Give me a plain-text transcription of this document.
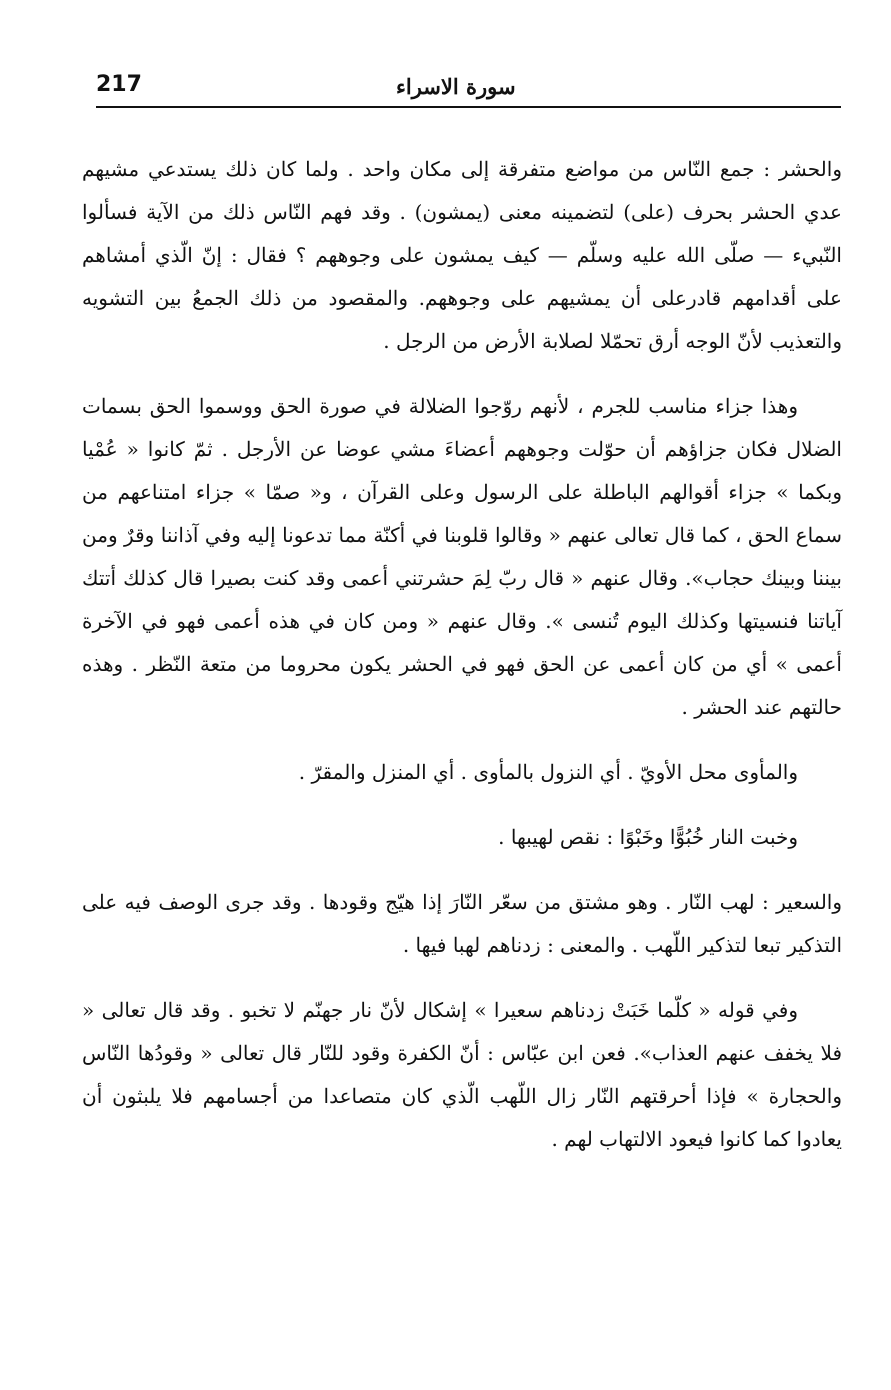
217	سورة الاسراء

والحشر : جمع النّاس من مواضع متفرقة إلى مكان واحد . ولما كان ذلك يستدعي مشيهم عدي الحشر بحرف (على) لتضمينه معنى (يمشون) . وقد فهم النّاس ذلك من الآية فسألوا النّبيء — صلّى الله عليه وسلّم — كيف يمشون على وجوههم ؟ فقال : إنّ الّذي أمشاهم على أقدامهم قادرعلى أن يمشيهم على وجوههم. والمقصود من ذلك الجمعُ بين التشويه والتعذيب لأنّ الوجه أرق تحمّلا لصلابة الأرض من الرجل .

وهذا جزاء مناسب للجرم ، لأنهم روّجوا الضلالة في صورة الحق ووسموا الحق بسمات الضلال فكان جزاؤهم أن حوّلت وجوههم أعضاءَ مشي عوضا عن الأرجل . ثمّ كانوا « عُمْيا وبكما » جزاء أقوالهم الباطلة على الرسول وعلى القرآن ، و« صمّا » جزاء امتناعهم من سماع الحق ، كما قال تعالى عنهم « وقالوا قلوبنا في أكنّة مما تدعونا إليه وفي آذاننا وقرٌ ومن بيننا وبينك حجاب». وقال عنهم « قال ربّ لِمَ حشرتني أعمى وقد كنت بصيرا قال كذلك أتتك آياتنا فنسيتها وكذلك اليوم تُنسى ». وقال عنهم « ومن كان في هذه أعمى فهو في الآخرة أعمى » أي من كان أعمى عن الحق فهو في الحشر يكون محروما من متعة النّظر . وهذه حالتهم عند الحشر .

والمأوى محل الأويّ . أي النزول بالمأوى . أي المنزل والمقرّ .

وخبت النار خُبُوًّا وخَبْوًا : نقص لهيبها .

والسعير : لهب النّار . وهو مشتق من سعّر النّارَ إذا هيّج وقودها . وقد جرى الوصف فيه على التذكير تبعا لتذكير اللّهب . والمعنى : زدناهم لهبا فيها .

وفي قوله « كلّما خَبَتْ زدناهم سعيرا » إشكال لأنّ نار جهنّم لا تخبو . وقد قال تعالى « فلا يخفف عنهم العذاب». فعن ابن عبّاس : أنّ الكفرة وقود للنّار قال تعالى « وقودُها النّاس والحجارة » فإذا أحرقتهم النّار زال اللّهب الّذي كان متصاعدا من أجسامهم فلا يلبثون أن يعادوا كما كانوا فيعود الالتهاب لهم .
